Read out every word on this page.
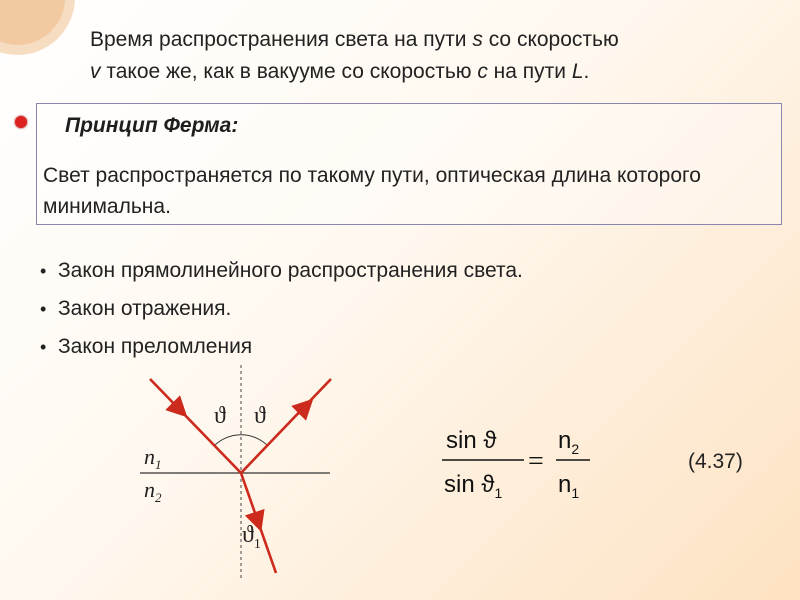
Время распространения света на пути s со скоростью
v такое же, как в вакууме со скоростью c на пути L.
Принцип Ферма:
Свет распространяется по такому пути, оптическая длина которого минимальна.
• Закон прямолинейного распространения света.
• Закон отражения.
• Закон преломления
ϑ ϑ
$ϑ_1$
$n_1$
$n_2$
sin ϑ
$\sin ϑ_1$
=
$n_2$
$n_1$
(4.37)
